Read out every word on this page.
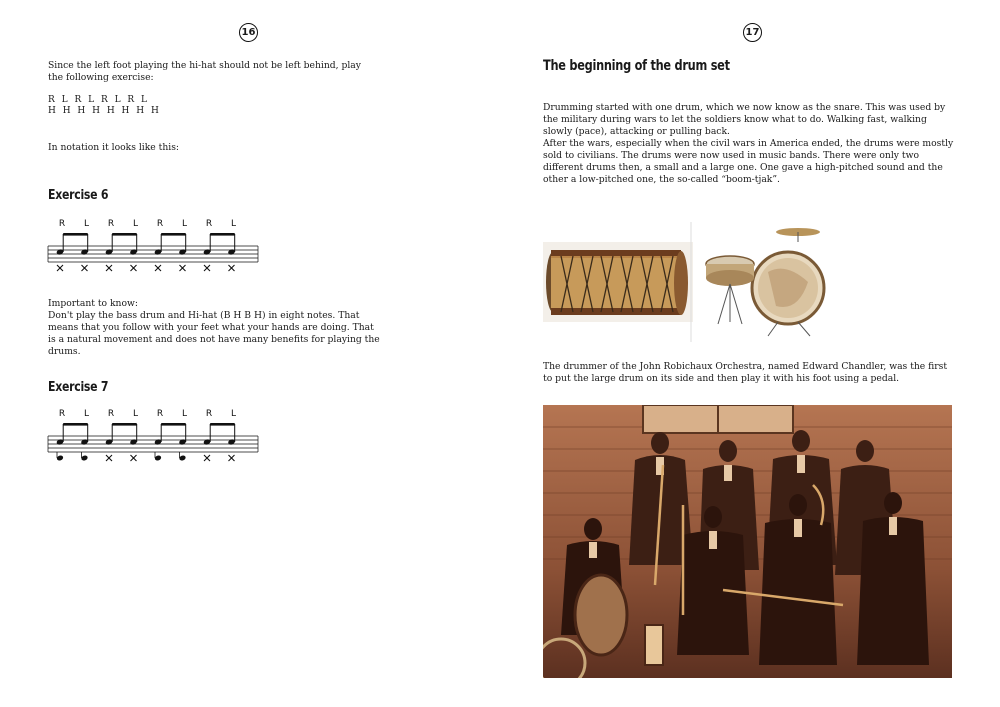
16
Since the left foot playing the hi-hat should not be left behind, play the following exercise:
R L R L R L R L
H H H H H H H H
In notation it looks like this:
Exercise 6
R L R L R L R L
Important to know:
Don't play the bass drum and Hi-hat (B H B H) in eight notes. That means that you follow with your feet what your hands are doing. That is a natural movement and does not have many benefits for playing the drums.
Exercise 7
R L R L R L R L
17
The beginning of the drum set
Drumming started with one drum, which we now know as the snare. This was used by the military during wars to let the soldiers know what to do. Walking fast, walking slowly (pace), attacking or pulling back.
After the wars, especially when the civil wars in America ended, the drums were mostly sold to civilians. The drums were now used in music bands. There were only two different drums then, a small and a large one. One gave a high-pitched sound and the other a low-pitched one, the so-called “boom-tjak”.
The drummer of the John Robichaux Orchestra, named Edward Chandler, was the first to put the large drum on its side and then play it with his foot using a pedal.
